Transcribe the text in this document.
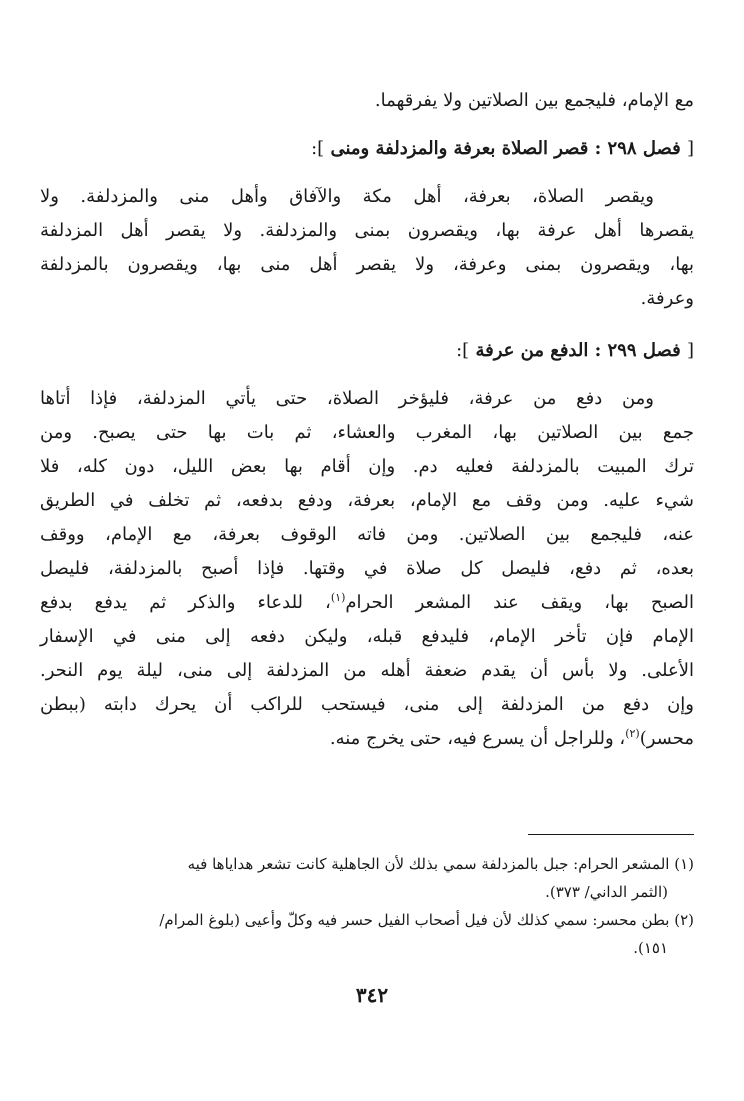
مع الإمام، فليجمع بين الصلاتين ولا يفرقهما.
[ فصل ٢٩٨ : قصر الصلاة بعرفة والمزدلفة ومنى ]:
ويقصر الصلاة، بعرفة، أهل مكة والآفاق وأهل منى والمزدلفة. ولا
يقصرها أهل عرفة بها، ويقصرون بمنى والمزدلفة. ولا يقصر أهل المزدلفة
بها، ويقصرون بمنى وعرفة، ولا يقصر أهل منى بها، ويقصرون بالمزدلفة
وعرفة.
[ فصل ٢٩٩ : الدفع من عرفة ]:
ومن دفع من عرفة، فليؤخر الصلاة، حتى يأتي المزدلفة، فإذا أتاها
جمع بين الصلاتين بها، المغرب والعشاء، ثم بات بها حتى يصبح. ومن
ترك المبيت بالمزدلفة فعليه دم. وإن أقام بها بعض الليل، دون كله، فلا
شيء عليه. ومن وقف مع الإمام، بعرفة، ودفع بدفعه، ثم تخلف في الطريق
عنه، فليجمع بين الصلاتين. ومن فاته الوقوف بعرفة، مع الإمام، ووقف
بعده، ثم دفع، فليصل كل صلاة في وقتها. فإذا أصبح بالمزدلفة، فليصل
الصبح بها، ويقف عند المشعر الحرام$^{(١)}$، للدعاء والذكر ثم يدفع بدفع
الإمام فإن تأخر الإمام، فليدفع قبله، وليكن دفعه إلى منى في الإسفار
الأعلى. ولا بأس أن يقدم ضعفة أهله من المزدلفة إلى منى، ليلة يوم النحر.
وإن دفع من المزدلفة إلى منى، فيستحب للراكب أن يحرك دابته (ببطن
محسر)$^{(٢)}$، وللراجل أن يسرع فيه، حتى يخرج منه.
(١) المشعر الحرام: جبل بالمزدلفة سمي بذلك لأن الجاهلية كانت تشعر هداياها فيه
(الثمر الداني/ ٣٧٣).
(٢) بطن محسر: سمي كذلك لأن فيل أصحاب الفيل حسر فيه وكلّ وأعيى (بلوغ المرام/
١٥١).
٣٤٢
